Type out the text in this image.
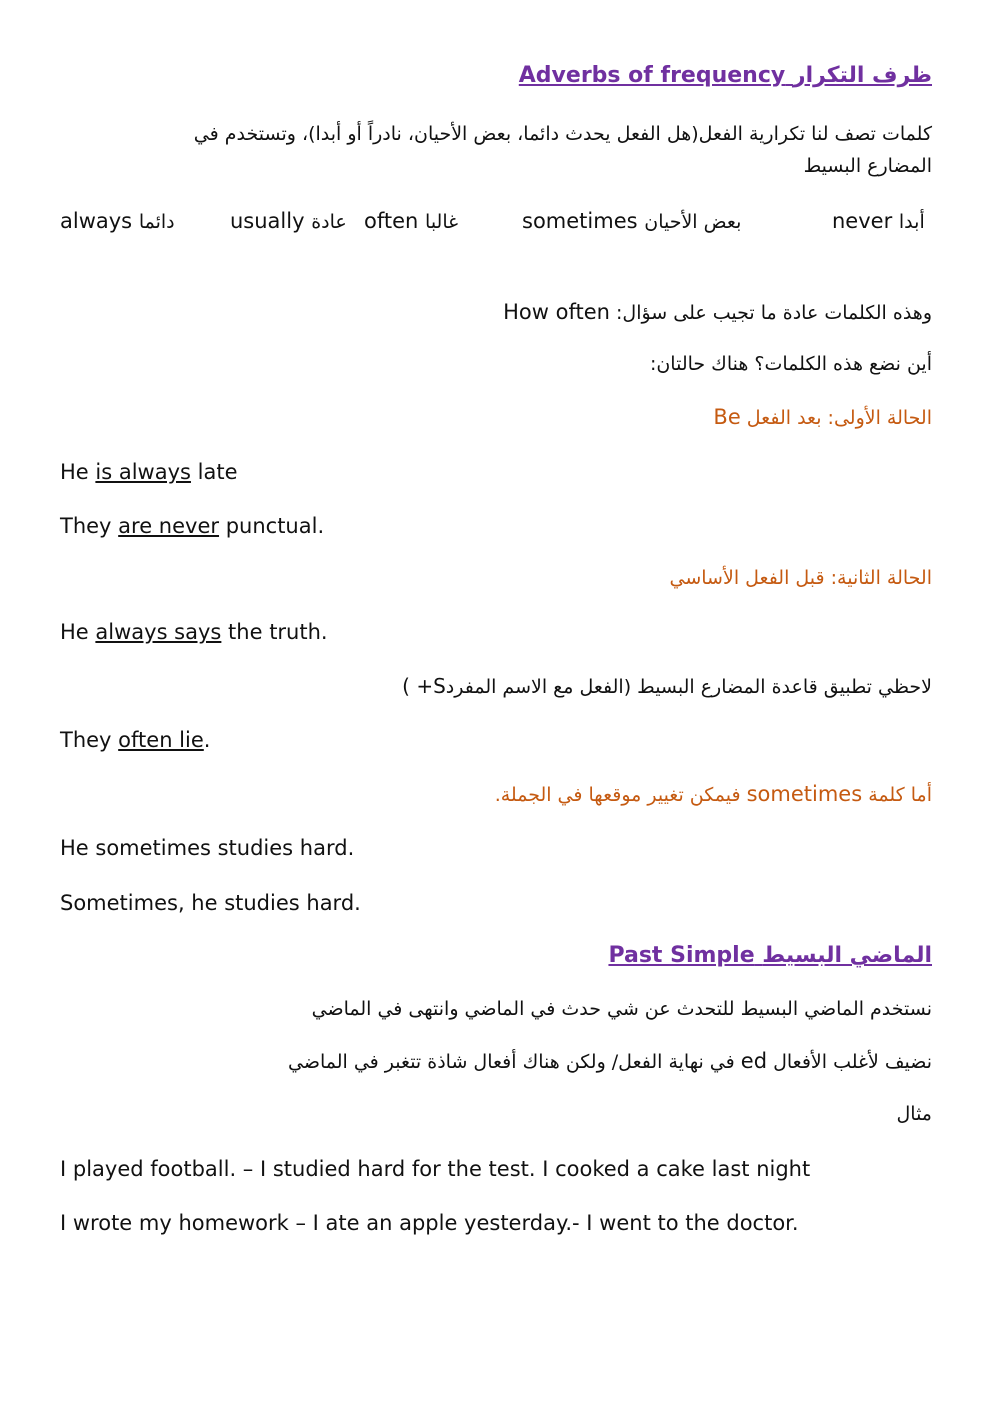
ظرف التكرار Adverbs of frequency
كلمات تصف لنا تكرارية الفعل(هل الفعل يحدث دائما، بعض الأحيان، نادراً أو أبدا)، وتستخدم في
المضارع البسيط
always دائما	usually عادة often غالبا	sometimes بعض الأحيان	never أبدا
وهذه الكلمات عادة ما تجيب على سؤال: How often
أين نضع هذه الكلمات؟ هناك حالتان:
الحالة الأولى: بعد الفعل Be
He is always late
They are never punctual.
الحالة الثانية: قبل الفعل الأساسي
He always says the truth.
لاحظي تطبيق قاعدة المضارع البسيط (الفعل مع الاسم المفردS+ )
They often lie.
أما كلمة sometimes فيمكن تغيير موقعها في الجملة.
He sometimes studies hard.
Sometimes, he studies hard.
الماضي البسيط Past Simple
نستخدم الماضي البسيط للتحدث عن شي حدث في الماضي وانتهى في الماضي
نضيف لأغلب الأفعال ed في نهاية الفعل/ ولكن هناك أفعال شاذة تتغبر في الماضي
مثال
I played football. – I studied hard for the test. I cooked a cake last night
I wrote my homework – I ate an apple yesterday.- I went to the doctor.
